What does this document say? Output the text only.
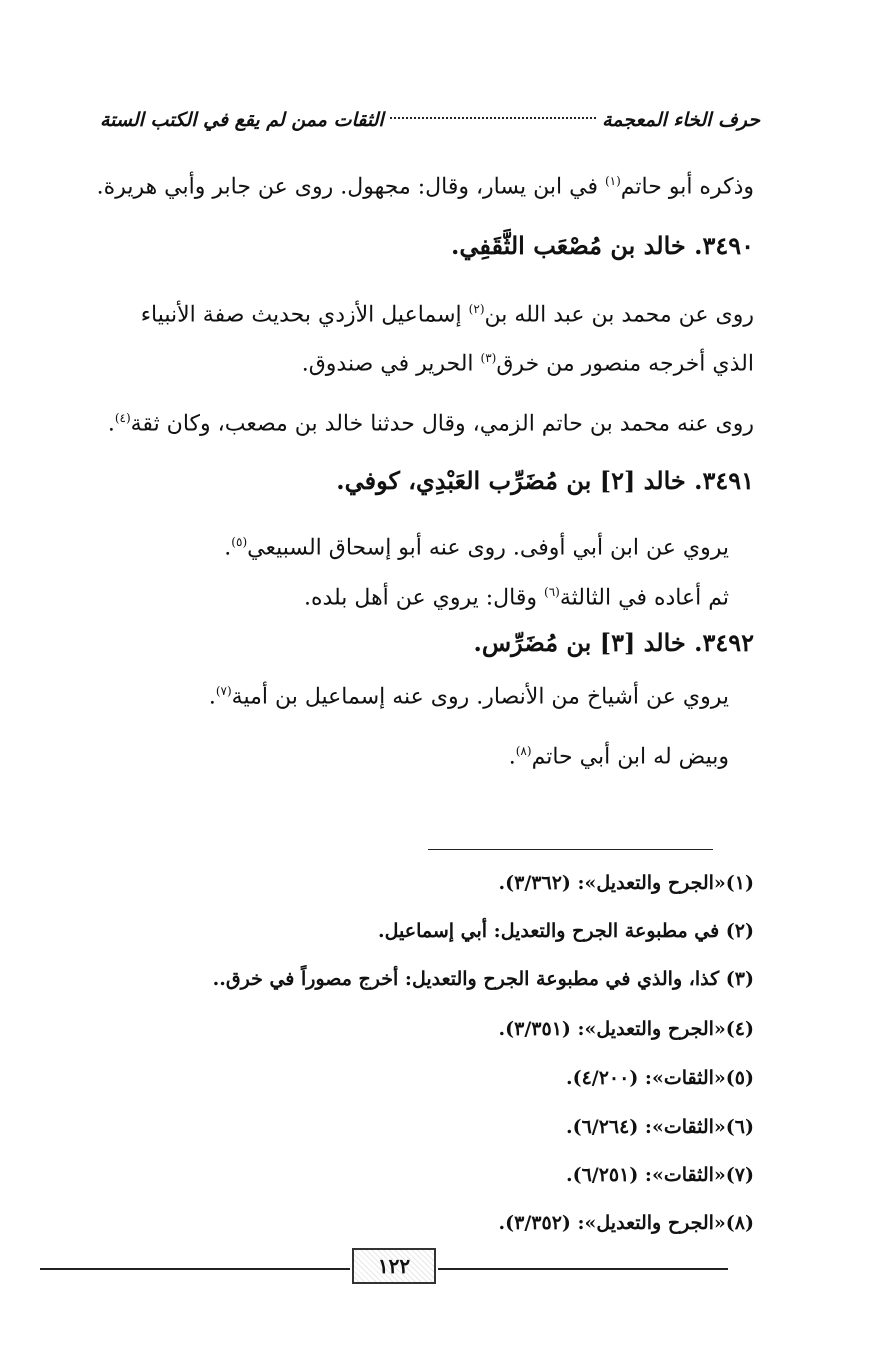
حرف الخاء المعجمة
الثقات ممن لم يقع في الكتب الستة
وذكره أبو حاتم$^{(١)}$ في ابن يسار، وقال: مجهول. روى عن جابر وأبي هريرة.
٣٤٩٠. خالد بن مُصْعَب الثَّقَفِي.
روى عن محمد بن عبد الله بن$^{(٢)}$ إسماعيل الأزدي بحديث صفة الأنبياء
الذي أخرجه منصور من خرق$^{(٣)}$ الحرير في صندوق.
روى عنه محمد بن حاتم الزمي، وقال حدثنا خالد بن مصعب، وكان ثقة$^{(٤)}$.
٣٤٩١. خالد [٢] بن مُضَرِّب العَبْدِي، كوفي.
يروي عن ابن أبي أوفى. روى عنه أبو إسحاق السبيعي$^{(٥)}$.
ثم أعاده في الثالثة$^{(٦)}$ وقال: يروي عن أهل بلده.
٣٤٩٢. خالد [٣] بن مُضَرِّس.
يروي عن أشياخ من الأنصار. روى عنه إسماعيل بن أمية$^{(٧)}$.
وبيض له ابن أبي حاتم$^{(٨)}$.
(١)«الجرح والتعديل»: (٣/٣٦٢).
(٢) في مطبوعة الجرح والتعديل: أبي إسماعيل.
(٣) كذا، والذي في مطبوعة الجرح والتعديل: أخرج مصوراً في خرق..
(٤)«الجرح والتعديل»: (٣/٣٥١).
(٥)«الثقات»: (٤/٢٠٠).
(٦)«الثقات»: (٦/٢٦٤).
(٧)«الثقات»: (٦/٢٥١).
(٨)«الجرح والتعديل»: (٣/٣٥٢).
١٢٢
